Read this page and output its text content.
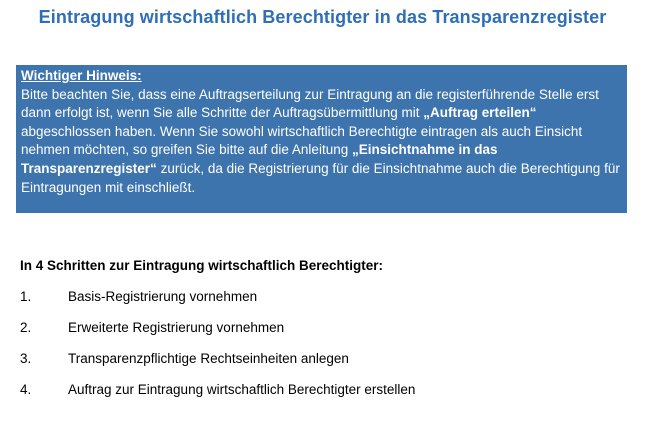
Eintragung wirtschaftlich Berechtigter in das Transparenzregister
Wichtiger Hinweis:
Bitte beachten Sie, dass eine Auftragserteilung zur Eintragung an die registerführende Stelle erst dann erfolgt ist, wenn Sie alle Schritte der Auftragsübermittlung mit „Auftrag erteilen“ abgeschlossen haben. Wenn Sie sowohl wirtschaftlich Berechtigte eintragen als auch Einsicht nehmen möchten, so greifen Sie bitte auf die Anleitung „Einsichtnahme in das Transparenzregister“ zurück, da die Registrierung für die Einsichtnahme auch die Berechtigung für Eintragungen mit einschließt.
In 4 Schritten zur Eintragung wirtschaftlich Berechtigter:
1.	Basis-Registrierung vornehmen
2.	Erweiterte Registrierung vornehmen
3.	Transparenzpflichtige Rechtseinheiten anlegen
4.	Auftrag zur Eintragung wirtschaftlich Berechtigter erstellen
